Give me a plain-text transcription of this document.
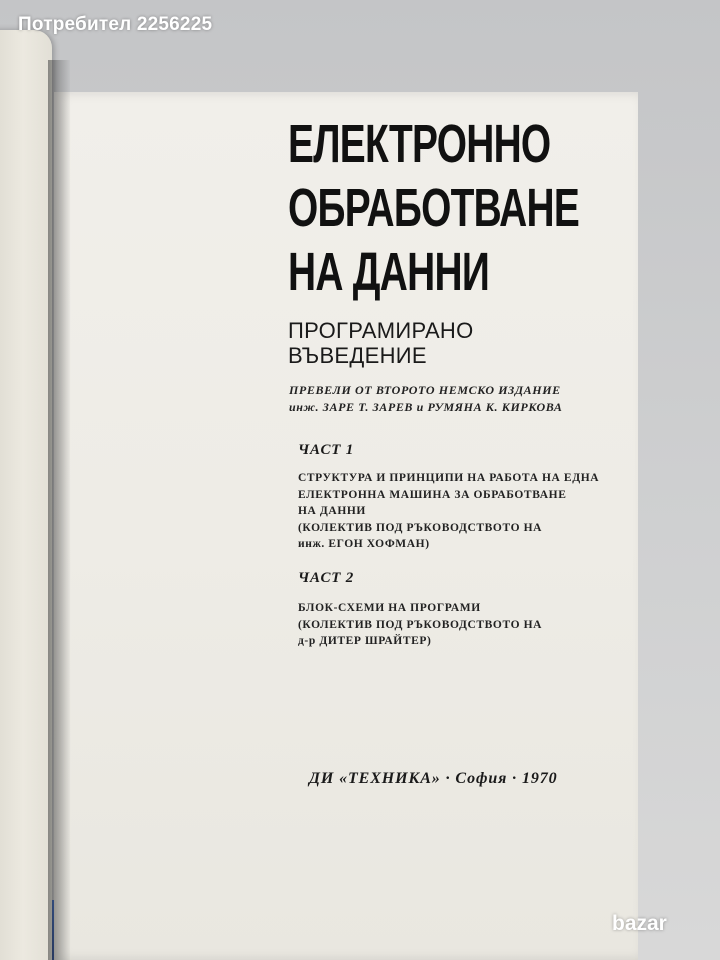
Потребител 2256225
ЕЛЕКТРОННО
ОБРАБОТВАНЕ
НА ДАННИ
ПРОГРАМИРАНО
ВЪВЕДЕНИЕ
ПРЕВЕЛИ ОТ ВТОРОТО НЕМСКО ИЗДАНИЕ
инж. ЗАРЕ Т. ЗАРЕВ и РУМЯНА К. КИРКОВА
ЧАСТ 1
СТРУКТУРА И ПРИНЦИПИ НА РАБОТА НА ЕДНА
ЕЛЕКТРОННА МАШИНА ЗА ОБРАБОТВАНЕ
НА ДАННИ
(КОЛЕКТИВ ПОД РЪКОВОДСТВОТО НА
инж. ЕГОН ХОФМАН)
ЧАСТ 2
БЛОК-СХЕМИ НА ПРОГРАМИ
(КОЛЕКТИВ ПОД РЪКОВОДСТВОТО НА
д-р ДИТЕР ШРАЙТЕР)
ДИ «ТЕХНИКА» · София · 1970
bazar
